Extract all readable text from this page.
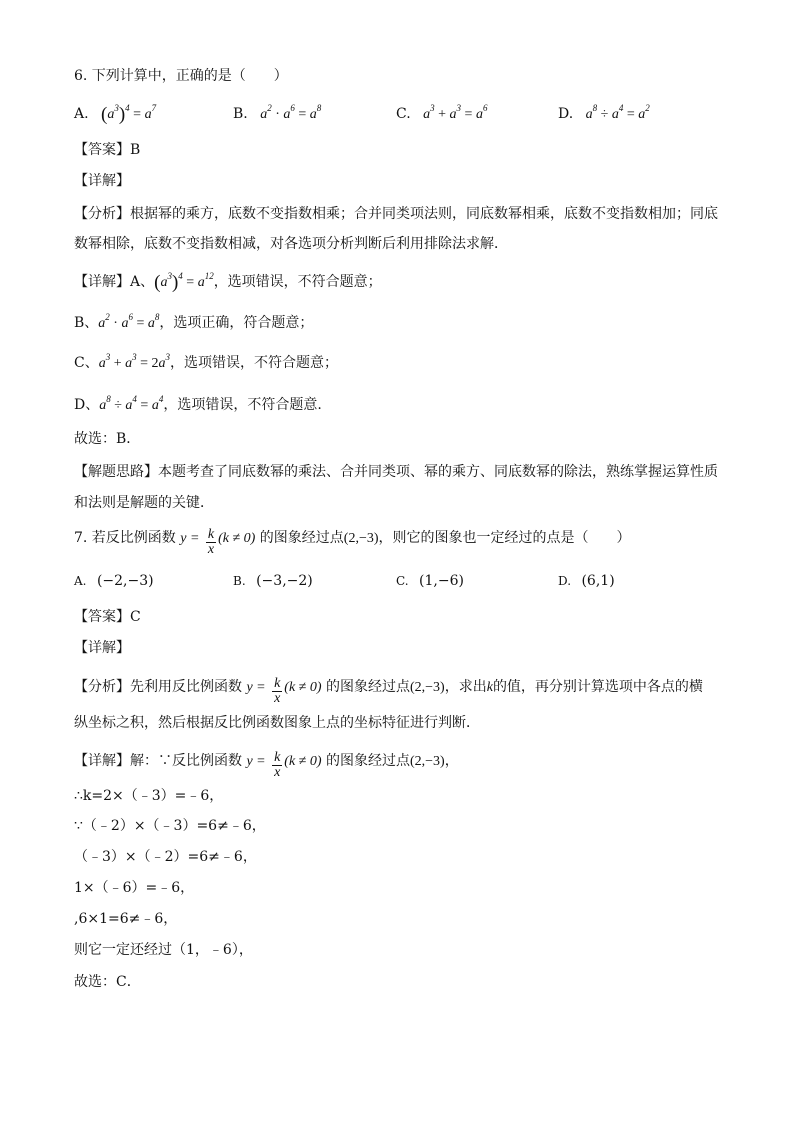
6. 下列计算中，正确的是（　　）
A. $(a^3)^4 = a^7$	B. $a^2 \cdot a^6 = a^8$	C. $a^3 + a^3 = a^6$	D. $a^8 \div a^4 = a^2$
【答案】B
【详解】
【分析】根据幂的乘方，底数不变指数相乘；合并同类项法则，同底数幂相乘，底数不变指数相加；同底
数幂相除，底数不变指数相减，对各选项分析判断后利用排除法求解．
【详解】A、$(a^3)^4 = a^{12}$，选项错误，不符合题意；
B、$a^2 \cdot a^6 = a^8$，选项正确，符合题意；
C、$a^3 + a^3 = 2a^3$，选项错误，不符合题意；
D、$a^8 \div a^4 = a^4$，选项错误，不符合题意.
故选：B．
【解题思路】本题考查了同底数幂的乘法、合并同类项、幂的乘方、同底数幂的除法，熟练掌握运算性质
和法则是解题的关键．
7. 若反比例函数 $y = \frac{k}{x} (k \ne 0)$ 的图象经过点(2,−3)，则它的图象也一定经过的点是（　　）
A. (−2,−3)	B. (−3,−2)	C. (1,−6)	D. (6,1)
【答案】C
【详解】
【分析】先利用反比例函数 $y = \frac{k}{x} (k \ne 0)$ 的图象经过点(2,−3)，求出k的值，再分别计算选项中各点的横
纵坐标之积，然后根据反比例函数图象上点的坐标特征进行判断．
【详解】解：∵反比例函数 $y = \frac{k}{x} (k \ne 0)$ 的图象经过点(2,−3)，
∴k=2×（﹣3）=﹣6，
∵（﹣2）×（﹣3）=6≠﹣6，
（﹣3）×（﹣2）=6≠﹣6，
1×（﹣6）=﹣6，
,6×1=6≠﹣6，
则它一定还经过（1，﹣6），
故选：C．
